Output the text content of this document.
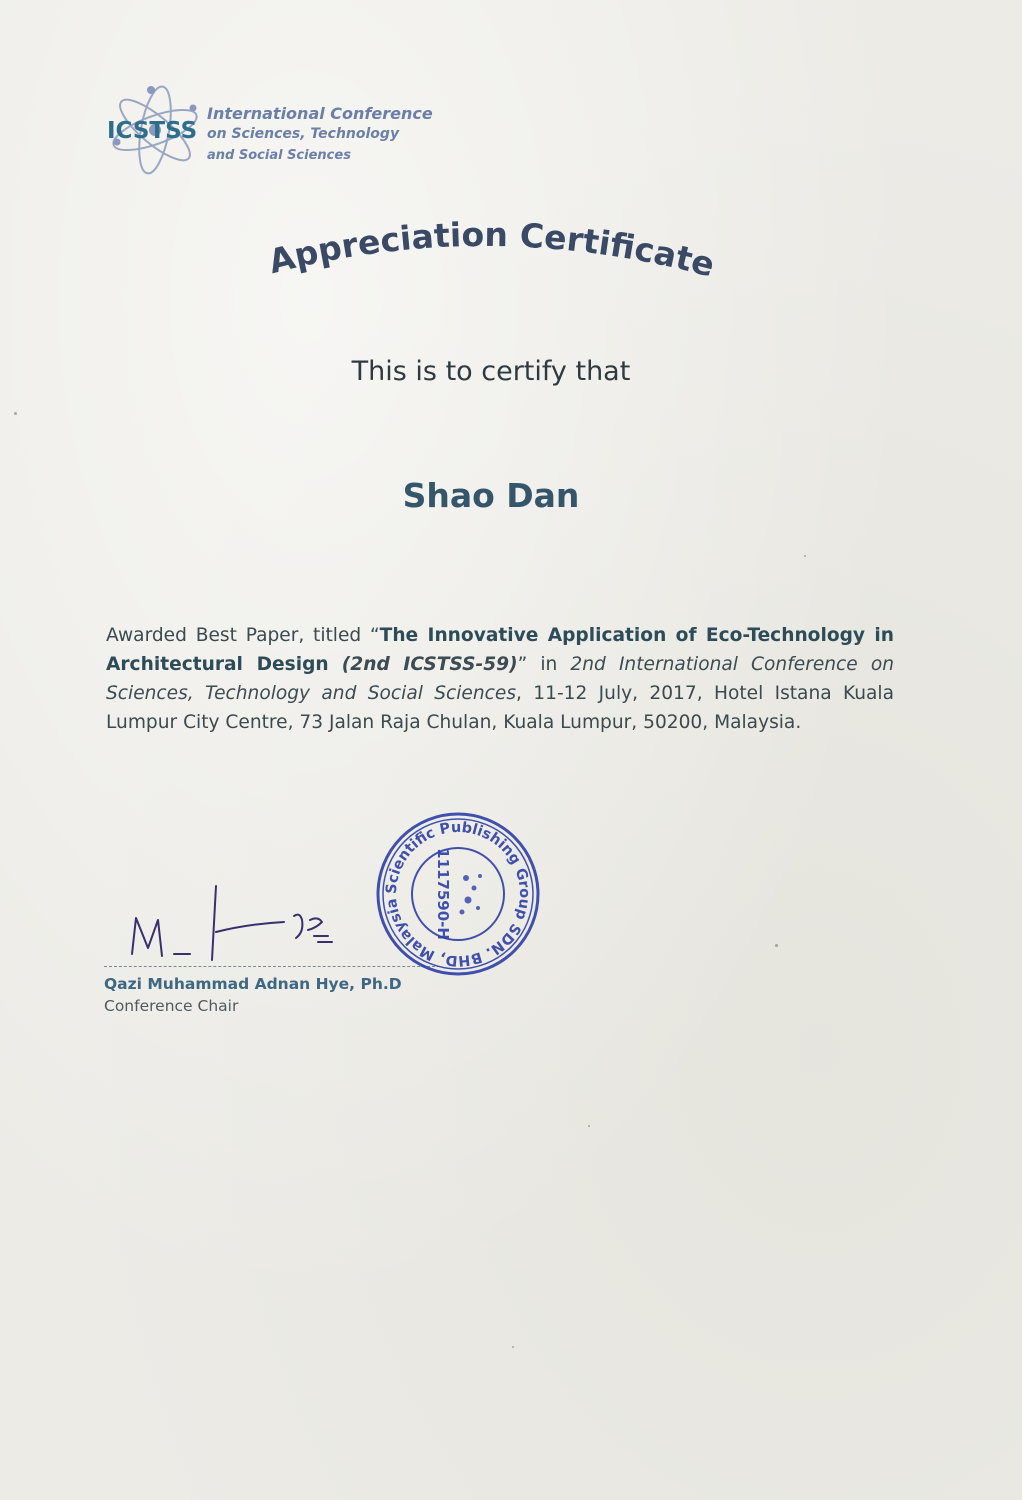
ICSTSS
International Conference
on Sciences, Technology
and Social Sciences
Appreciation Certificate
This is to certify that
Shao Dan
Awarded Best Paper, titled “The Innovative Application of Eco-Technology in Architectural Design (2nd ICSTSS-59)” in 2nd International Conference on Sciences, Technology and Social Sciences, 11-12 July, 2017, Hotel Istana Kuala Lumpur City Centre, 73 Jalan Raja Chulan, Kuala Lumpur, 50200, Malaysia.
Qazi Muhammad Adnan Hye, Ph.D
Conference Chair
Scientific Publishing Group SDN. BHD, Malaysia	1117590-H
